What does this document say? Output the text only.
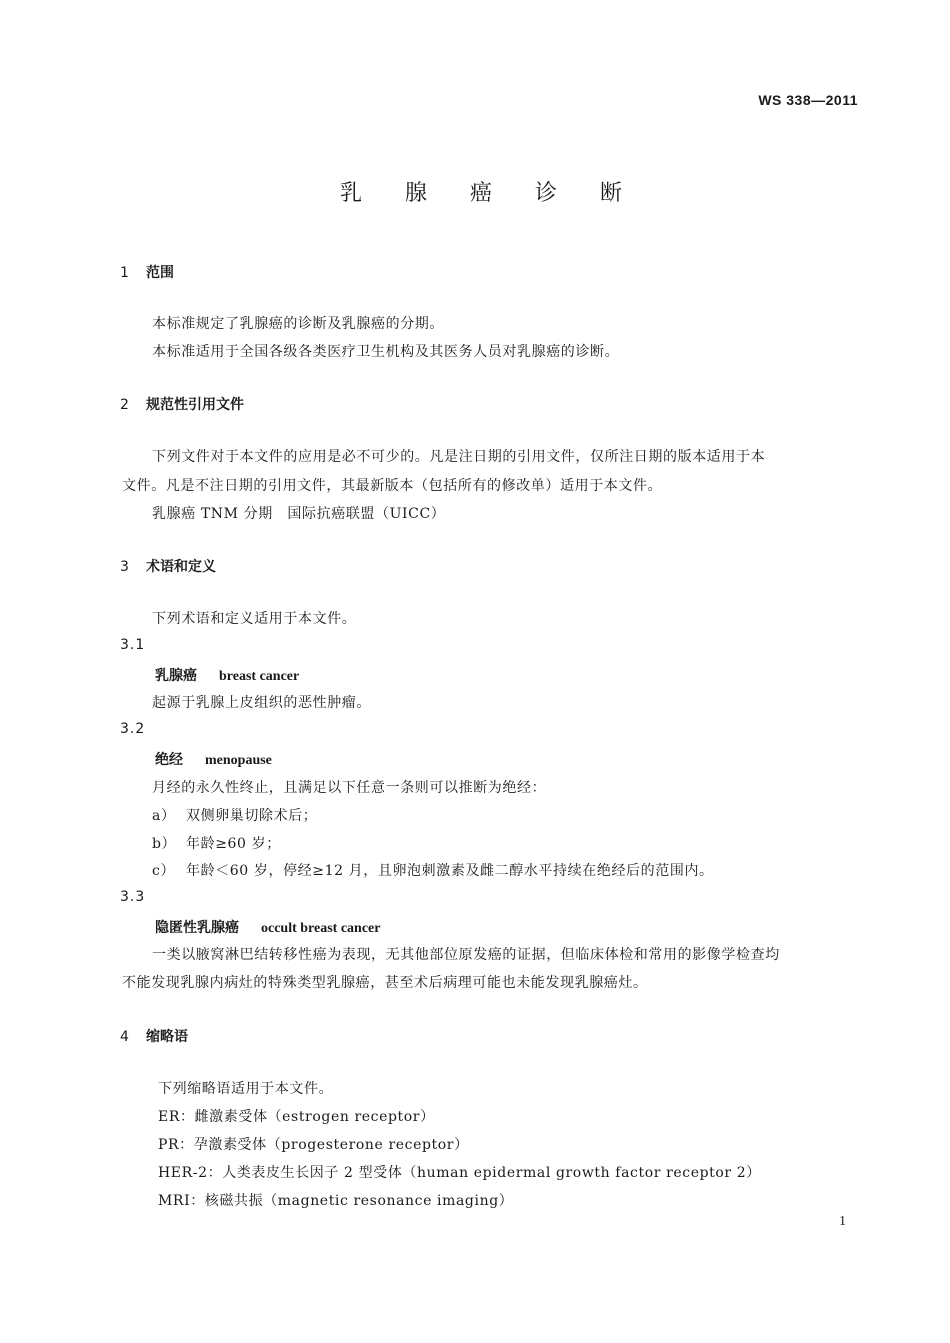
WS 338—2011
乳 腺 癌 诊 断
1 范围
本标准规定了乳腺癌的诊断及乳腺癌的分期。
本标准适用于全国各级各类医疗卫生机构及其医务人员对乳腺癌的诊断。
2 规范性引用文件
下列文件对于本文件的应用是必不可少的。凡是注日期的引用文件，仅所注日期的版本适用于本
文件。凡是不注日期的引用文件，其最新版本（包括所有的修改单）适用于本文件。
乳腺癌 TNM 分期　国际抗癌联盟（UICC）
3 术语和定义
下列术语和定义适用于本文件。
3.1
乳腺癌 breast cancer
起源于乳腺上皮组织的恶性肿瘤。
3.2
绝经 menopause
月经的永久性终止，且满足以下任意一条则可以推断为绝经：
a） 双侧卵巢切除术后；
b） 年龄≥60 岁；
c） 年龄＜60 岁，停经≥12 月，且卵泡刺激素及雌二醇水平持续在绝经后的范围内。
3.3
隐匿性乳腺癌 occult breast cancer
一类以腋窝淋巴结转移性癌为表现，无其他部位原发癌的证据，但临床体检和常用的影像学检查均
不能发现乳腺内病灶的特殊类型乳腺癌，甚至术后病理可能也未能发现乳腺癌灶。
4 缩略语
下列缩略语适用于本文件。
ER：雌激素受体（estrogen receptor）
PR：孕激素受体（progesterone receptor）
HER-2：人类表皮生长因子 2 型受体（human epidermal growth factor receptor 2）
MRI：核磁共振（magnetic resonance imaging）
1
